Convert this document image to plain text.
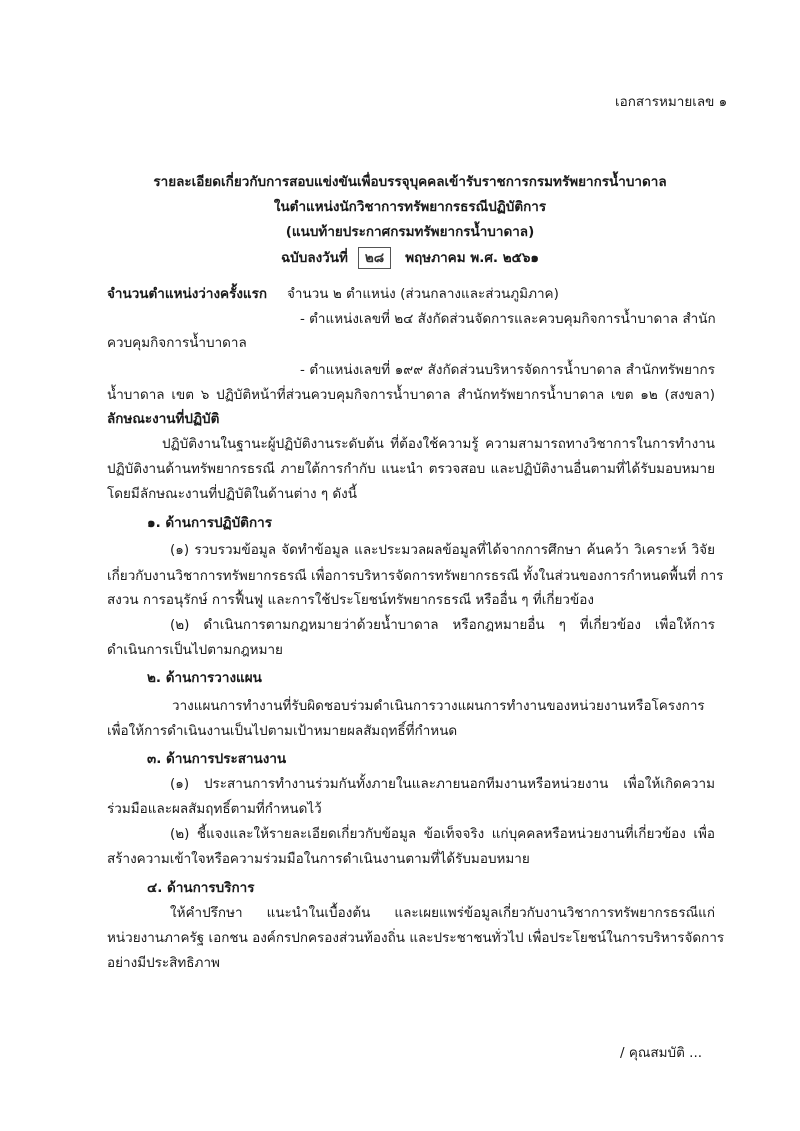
เอกสารหมายเลข ๑
รายละเอียดเกี่ยวกับการสอบแข่งขันเพื่อบรรจุบุคคลเข้ารับราชการกรมทรัพยากรน้ำบาดาล
ในตำแหน่งนักวิชาการทรัพยากรธรณีปฏิบัติการ
(แนบท้ายประกาศกรมทรัพยากรน้ำบาดาล)
ฉบับลงวันที่ ๒๘ พฤษภาคม พ.ศ. ๒๕๖๑
จำนวนตำแหน่งว่างครั้งแรก จำนวน ๒ ตำแหน่ง (ส่วนกลางและส่วนภูมิภาค)
- ตำแหน่งเลขที่ ๒๔ สังกัดส่วนจัดการและควบคุมกิจการน้ำบาดาล สำนัก
ควบคุมกิจการน้ำบาดาล
- ตำแหน่งเลขที่ ๑๙๙ สังกัดส่วนบริหารจัดการน้ำบาดาล สำนักทรัพยากร
น้ำบาดาล เขต ๖ ปฏิบัติหน้าที่ส่วนควบคุมกิจการน้ำบาดาล สำนักทรัพยากรน้ำบาดาล เขต ๑๒ (สงขลา)
ลักษณะงานที่ปฏิบัติ
ปฏิบัติงานในฐานะผู้ปฏิบัติงานระดับต้น ที่ต้องใช้ความรู้ ความสามารถทางวิชาการในการทำงาน
ปฏิบัติงานด้านทรัพยากรธรณี ภายใต้การกำกับ แนะนำ ตรวจสอบ และปฏิบัติงานอื่นตามที่ได้รับมอบหมาย
โดยมีลักษณะงานที่ปฏิบัติในด้านต่าง ๆ ดังนี้
๑. ด้านการปฏิบัติการ
(๑) รวบรวมข้อมูล จัดทำข้อมูล และประมวลผลข้อมูลที่ได้จากการศึกษา ค้นคว้า วิเคราะห์ วิจัย
เกี่ยวกับงานวิชาการทรัพยากรธรณี เพื่อการบริหารจัดการทรัพยากรธรณี ทั้งในส่วนของการกำหนดพื้นที่ การ
สงวน การอนุรักษ์ การฟื้นฟู และการใช้ประโยชน์ทรัพยากรธรณี หรืออื่น ๆ ที่เกี่ยวข้อง
(๒) ดำเนินการตามกฎหมายว่าด้วยน้ำบาดาล หรือกฎหมายอื่น ๆ ที่เกี่ยวข้อง เพื่อให้การ
ดำเนินการเป็นไปตามกฎหมาย
๒. ด้านการวางแผน
วางแผนการทำงานที่รับผิดชอบร่วมดำเนินการวางแผนการทำงานของหน่วยงานหรือโครงการ
เพื่อให้การดำเนินงานเป็นไปตามเป้าหมายผลสัมฤทธิ์ที่กำหนด
๓. ด้านการประสานงาน
(๑) ประสานการทำงานร่วมกันทั้งภายในและภายนอกทีมงานหรือหน่วยงาน เพื่อให้เกิดความ
ร่วมมือและผลสัมฤทธิ์ตามที่กำหนดไว้
(๒) ชี้แจงและให้รายละเอียดเกี่ยวกับข้อมูล ข้อเท็จจริง แก่บุคคลหรือหน่วยงานที่เกี่ยวข้อง เพื่อ
สร้างความเข้าใจหรือความร่วมมือในการดำเนินงานตามที่ได้รับมอบหมาย
๔. ด้านการบริการ
ให้คำปรึกษา แนะนำในเบื้องต้น และเผยแพร่ข้อมูลเกี่ยวกับงานวิชาการทรัพยากรธรณีแก่
หน่วยงานภาครัฐ เอกชน องค์กรปกครองส่วนท้องถิ่น และประชาชนทั่วไป เพื่อประโยชน์ในการบริหารจัดการ
อย่างมีประสิทธิภาพ
/ คุณสมบัติ ...
